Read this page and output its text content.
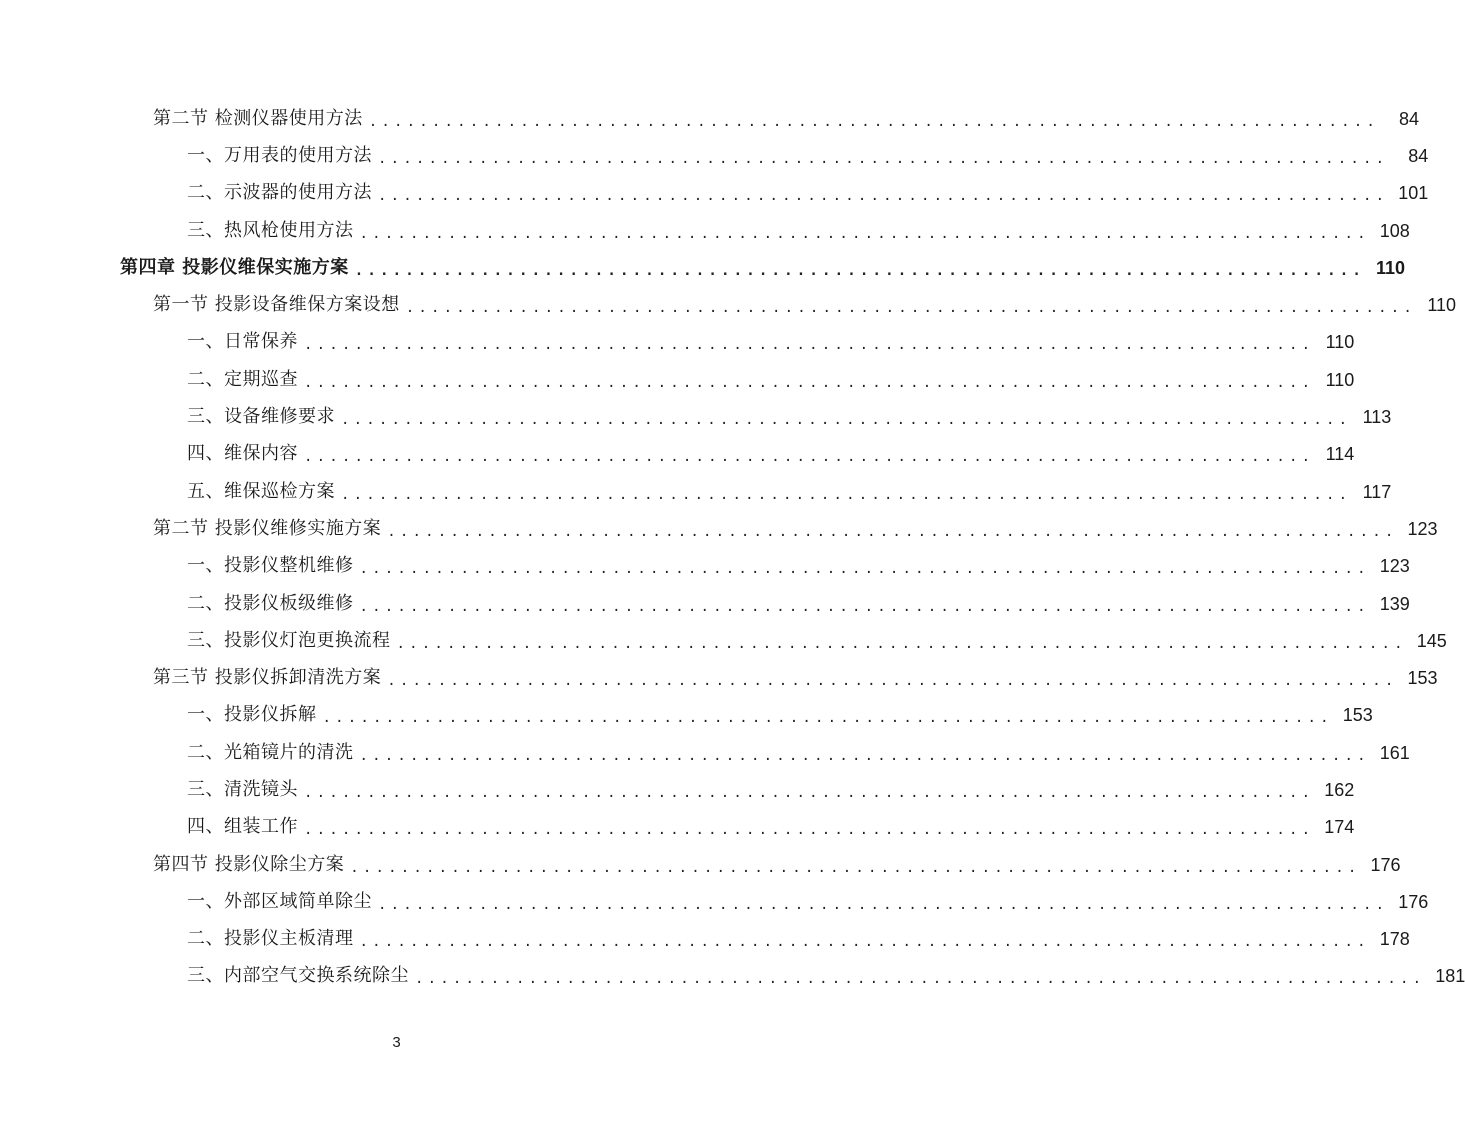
第二节 检测仪器使用方法 ................................................................................	84
一、万用表的使用方法 ................................................................................	84
二、示波器的使用方法 ................................................................................ 101
三、热风枪使用方法 ................................................................................ 108
第四章 投影仪维保实施方案 ................................................................................ 110
第一节 投影设备维保方案设想 ................................................................................ 110
一、日常保养 ................................................................................ 110
二、定期巡查 ................................................................................ 110
三、设备维修要求 ................................................................................ 113
四、维保内容 ................................................................................ 114
五、维保巡检方案 ................................................................................ 117
第二节 投影仪维修实施方案 ................................................................................ 123
一、投影仪整机维修 ................................................................................ 123
二、投影仪板级维修 ................................................................................ 139
三、投影仪灯泡更换流程 ................................................................................ 145
第三节 投影仪拆卸清洗方案 ................................................................................ 153
一、投影仪拆解 ................................................................................ 153
二、光箱镜片的清洗 ................................................................................ 161
三、清洗镜头 ................................................................................ 162
四、组装工作 ................................................................................ 174
第四节 投影仪除尘方案 ................................................................................ 176
一、外部区域简单除尘 ................................................................................ 176
二、投影仪主板清理 ................................................................................ 178
三、内部空气交换系统除尘 ................................................................................ 181
3
